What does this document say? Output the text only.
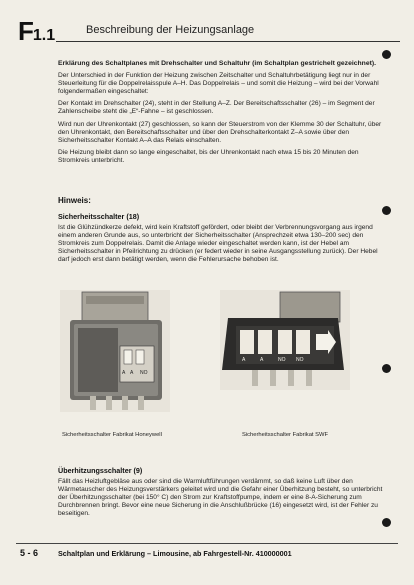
F1.1	Beschreibung der Heizungsanlage

Erklärung des Schaltplanes mit Drehschalter und Schaltuhr (im Schaltplan gestrichelt gezeichnet).

Der Unterschied in der Funktion der Heizung zwischen Zeitschalter und Schaltuhrbetätigung liegt nur in der Steuerleitung für die Doppelrelaisspule A–H. Das Doppelrelais – und somit die Heizung – wird bei der Vorwahl folgendermaßen eingeschaltet:

Der Kontakt im Drehschalter (24), steht in der Stellung A–Z. Der Bereitschaftsschalter (26) – im Segment der Zahlenscheibe steht die „E“-Fahne – ist geschlossen.

Wird nun der Uhrenkontakt (27) geschlossen, so kann der Steuerstrom von der Klemme 30 der Schaltuhr, über den Uhrenkontakt, den Bereitschaftsschalter und über den Drehschalterkontakt Z–A sowie über den Sicherheitsschalter Kontakt A–A das Relais einschalten.

Die Heizung bleibt dann so lange eingeschaltet, bis der Uhrenkontakt nach etwa 15 bis 20 Minuten den Stromkreis unterbricht.

Hinweis:
Sicherheitsschalter (18)
Ist die Glühzündkerze defekt, wird kein Kraftstoff gefördert, oder bleibt der Verbrennungsvorgang aus irgend einem anderen Grunde aus, so unterbricht der Sicherheitsschalter (Ansprechzeit etwa 130–200 sec) den Stromkreis zum Doppelrelais. Damit die Anlage wieder eingeschaltet werden kann, ist der Hebel am Sicherheitsschalter in Pfeilrichtung zu drücken (er federt wieder in seine Ausgangsstellung zurück). Der Hebel darf jedoch erst dann betätigt werden, wenn die Fehlerursache behoben ist.
A A NO
Sicherheitsschalter Fabrikat Honeywell
A	A	NO NO
Sicherheitsschalter Fabrikat SWF
Überhitzungsschalter (9)
Fällt das Heizluftgebläse aus oder sind die Warmluftführungen verdämmt, so daß keine Luft über den Wärmetauscher des Heizungsverstärkers geleitet wird und die Gefahr einer Überhitzung besteht, so unterbricht der Überhitzungsschalter (bei 150° C) den Strom zur Kraftstoffpumpe, indem er eine 8-A-Sicherung zum Durchbrennen bringt. Bevor eine neue Sicherung in die Anschlußbrücke (16) eingesetzt wird, ist der Fehler zu beseitigen.
5 - 6	Schaltplan und Erklärung – Limousine, ab Fahrgestell-Nr. 410000001
